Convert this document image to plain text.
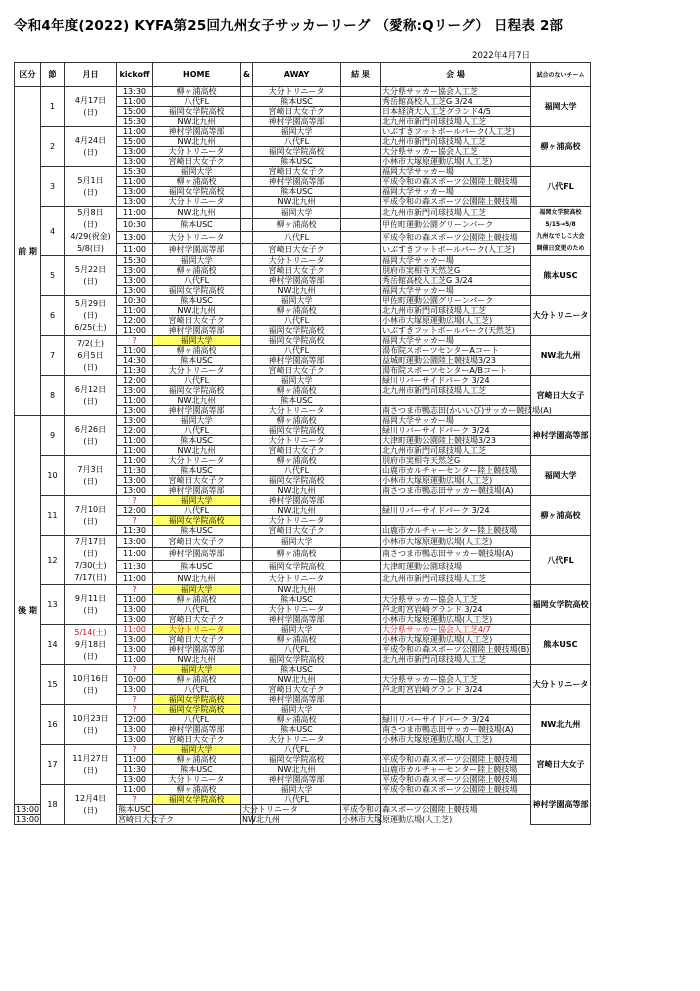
令和4年度(2022) KYFA第25回九州女子サッカーリーグ （愛称:Qリーグ） 日程表 2部
2022年4月7日
区分	節	月日	kickoff	HOME	&	AWAY	結 果	会 場	試合のないチーム
前 期	1	4月17日
(日)	13:30	柳ヶ浦高校		大分トリニータ		大分県サッカー協会人工芝	福岡大学
			11:00	八代FL		熊本USC		秀岳館高校人工芝G 3/24	
			15:00	福岡女学院高校		宮崎日大女子ク		日本経済大人工芝グランド4/5	
			15:30	NW北九州		神村学園高等部		北九州市新門司球技場人工芝	
	2	4月24日
(日)	11:00	神村学園高等部		福岡大学		いぶすきフットボールパーク(人工芝)	柳ヶ浦高校
			15:00	NW北九州		八代FL		北九州市新門司球技場人工芝	
			13:00	大分トリニータ		福岡女学院高校		大分県サッカー協会人工芝	
			13:00	宮崎日大女子ク		熊本USC		小林市大塚原運動広場(人工芝)	
	3	5月1日
(日)	15:30	福岡大学		宮崎日大女子ク		福岡大学サッカー場	八代FL
			11:00	柳ヶ浦高校		神村学園高等部		平成令和の森スポーツ公園陸上競技場	
			13:00	福岡女学院高校		熊本USC		福岡大学サッカー場	
			13:00	大分トリニータ		NW北九州		平成令和の森スポーツ公園陸上競技場	
	4	5月8日
(日)
4/29(祝金)
5/8(日)	11:00	NW北九州		福岡大学		北九州市新門司球技場人工芝	福岡女学院高校
5/15→5/8
九州なでしこ大会
開催日変更のため

			10:30	熊本USC		柳ヶ浦高校		甲佐町運動公園グリーンパーク	
			13:00	大分トリニータ		八代FL		平成令和の森スポーツ公園陸上競技場	
			11:00	神村学園高等部		宮崎日大女子ク		いぶすきフットボールパーク(人工芝)	
	5	5月22日
(日)	15:30	福岡大学		大分トリニータ		福岡大学サッカー場	熊本USC
			13:00	柳ヶ浦高校		宮崎日大女子ク		別府市実相寺天然芝G	
			13:00	八代FL		神村学園高等部		秀岳館高校人工芝G 3/24	
			13:00	福岡女学院高校		NW北九州		福岡大学サッカー場	
	6	5月29日
(日)
6/25(土)	10:30	熊本USC		福岡大学		甲佐町運動公園グリーンパーク	大分トリニータ
			11:00	NW北九州		柳ヶ浦高校		北九州市新門司球技場人工芝	
			12:00	宮崎日大女子ク		八代FL		小林市大塚原運動広場(人工芝)	
			11:00	神村学園高等部		福岡女学院高校		いぶすきフットボールパーク(天然芝)	
	7	7/2(土)
6月5日
(日)	?	福岡大学		福岡女学院高校		福岡大学サッカー場	NW北九州
			11:00	柳ヶ浦高校		八代FL		湯布院スポーツセンターAコート	
			14:30	熊本USC		神村学園高等部		益城町運動公園陸上競技場3/23	
			11:30	大分トリニータ		宮崎日大女子ク		湯布院スポーツセンターA/Bコート	
	8	6月12日
(日)	12:00	八代FL		福岡大学		緑川リバーサイドパーク 3/24	宮崎日大女子
			13:00	福岡女学院高校		柳ヶ浦高校		北九州市新門司球技場人工芝	
			11:00	NW北九州		熊本USC			
			13:00	神村学園高等部		大分トリニータ		南さつま市鴨志田(かいいび)サッカー競技場(A)	
後 期	9	6月26日
(日)	13:00	福岡大学		柳ヶ浦高校		福岡大学サッカー場	神村学園高等部
			12:00	八代FL		福岡女学院高校		緑川リバーサイドパーク 3/24	
			11:00	熊本USC		大分トリニータ		大津町運動公園陸上競技場3/23	
			11:00	NW北九州		宮崎日大女子ク		北九州市新門司球技場人工芝	
	10	7月3日
(日)	11:00	大分トリニータ		柳ヶ浦高校		別府市実相寺天然芝G	福岡大学
			11:30	熊本USC		八代FL		山鹿市カルチャーセンター陸上競技場	
			13:00	宮崎日大女子ク		福岡女学院高校		小林市大塚原運動広場(人工芝)	
			13:00	神村学園高等部		NW北九州		南さつま市鴨志田サッカー競技場(A)	
	11	7月10日
(日)	?	福岡大学		神村学園高等部			柳ヶ浦高校
			12:00	八代FL		NW北九州		緑川リバーサイドパーク 3/24	
			?	福岡女学院高校		大分トリニータ			
			11:30	熊本USC		宮崎日大女子ク		山鹿市カルチャーセンター陸上競技場	
	12	7月17日
(日)
7/30(土)
7/17(日)	13:00	宮崎日大女子ク		福岡大学		小林市大塚原運動広場(人工芝)	八代FL
			11:00	神村学園高等部		柳ヶ浦高校		南さつま市鴨志田サッカー競技場(A)	
			11:30	熊本USC		福岡女学院高校		大津町運動公園球技場	
			11:00	NW北九州		大分トリニータ		北九州市新門司球技場人工芝	
	13	9月11日
(日)	?	福岡大学		NW北九州			福岡女学院高校
			11:00	柳ヶ浦高校		熊本USC		大分県サッカー協会人工芝	
			13:00	八代FL		大分トリニータ		芦北町宮岩崎グランド 3/24	
			13:00	宮崎日大女子ク		神村学園高等部		小林市大塚原運動広場(人工芝)	
	14	5/14(土)
9月18日
(日)	11:00	大分トリニータ		福岡大学		大分県サッカー協会人工芝4/7	熊本USC
			13:00	宮崎日大女子ク		柳ヶ浦高校		小林市大塚原運動広場(人工芝)	
			13:00	神村学園高等部		八代FL		平成令和の森スポーツ公園陸上競技場(B)	
			11:00	NW北九州		福岡女学院高校		北九州市新門司球技場人工芝	
	15	10月16日
(日)	?	福岡大学		熊本USC			大分トリニータ
			10:00	柳ヶ浦高校		NW北九州		大分県サッカー協会人工芝	
			13:00	八代FL		宮崎日大女子ク		芦北町宮岩崎グランド 3/24	
			?	福岡女学院高校		神村学園高等部			
	16	10月23日
(日)	?	福岡女学院高校		福岡大学			NW北九州
			12:00	八代FL		柳ヶ浦高校		緑川リバーサイドパーク 3/24	
			13:00	神村学園高等部		熊本USC		南さつま市鴨志田サッカー競技場(A)	
			13:00	宮崎日大女子ク		大分トリニータ		小林市大塚原運動広場(人工芝)	
	17	11月27日
(日)	?	福岡大学		八代FL			宮崎日大女子
			11:00	柳ヶ浦高校		福岡女学院高校		平成令和の森スポーツ公園陸上競技場	
			11:30	熊本USC		NW北九州		山鹿市カルチャーセンター陸上競技場	
			13:00	大分トリニータ		神村学園高等部		平成令和の森スポーツ公園陸上競技場	
	18	12月4日
(日)	11:00	柳ヶ浦高校		福岡大学		平成令和の森スポーツ公園陸上競技場	神村学園高等部
			?	福岡女学院高校		八代FL			
13:00			熊本USC		大分トリニータ		平成令和の森スポーツ公園陸上競技場		
13:00			宮崎日大女子ク		NW北九州		小林市大塚原運動広場(人工芝)		
